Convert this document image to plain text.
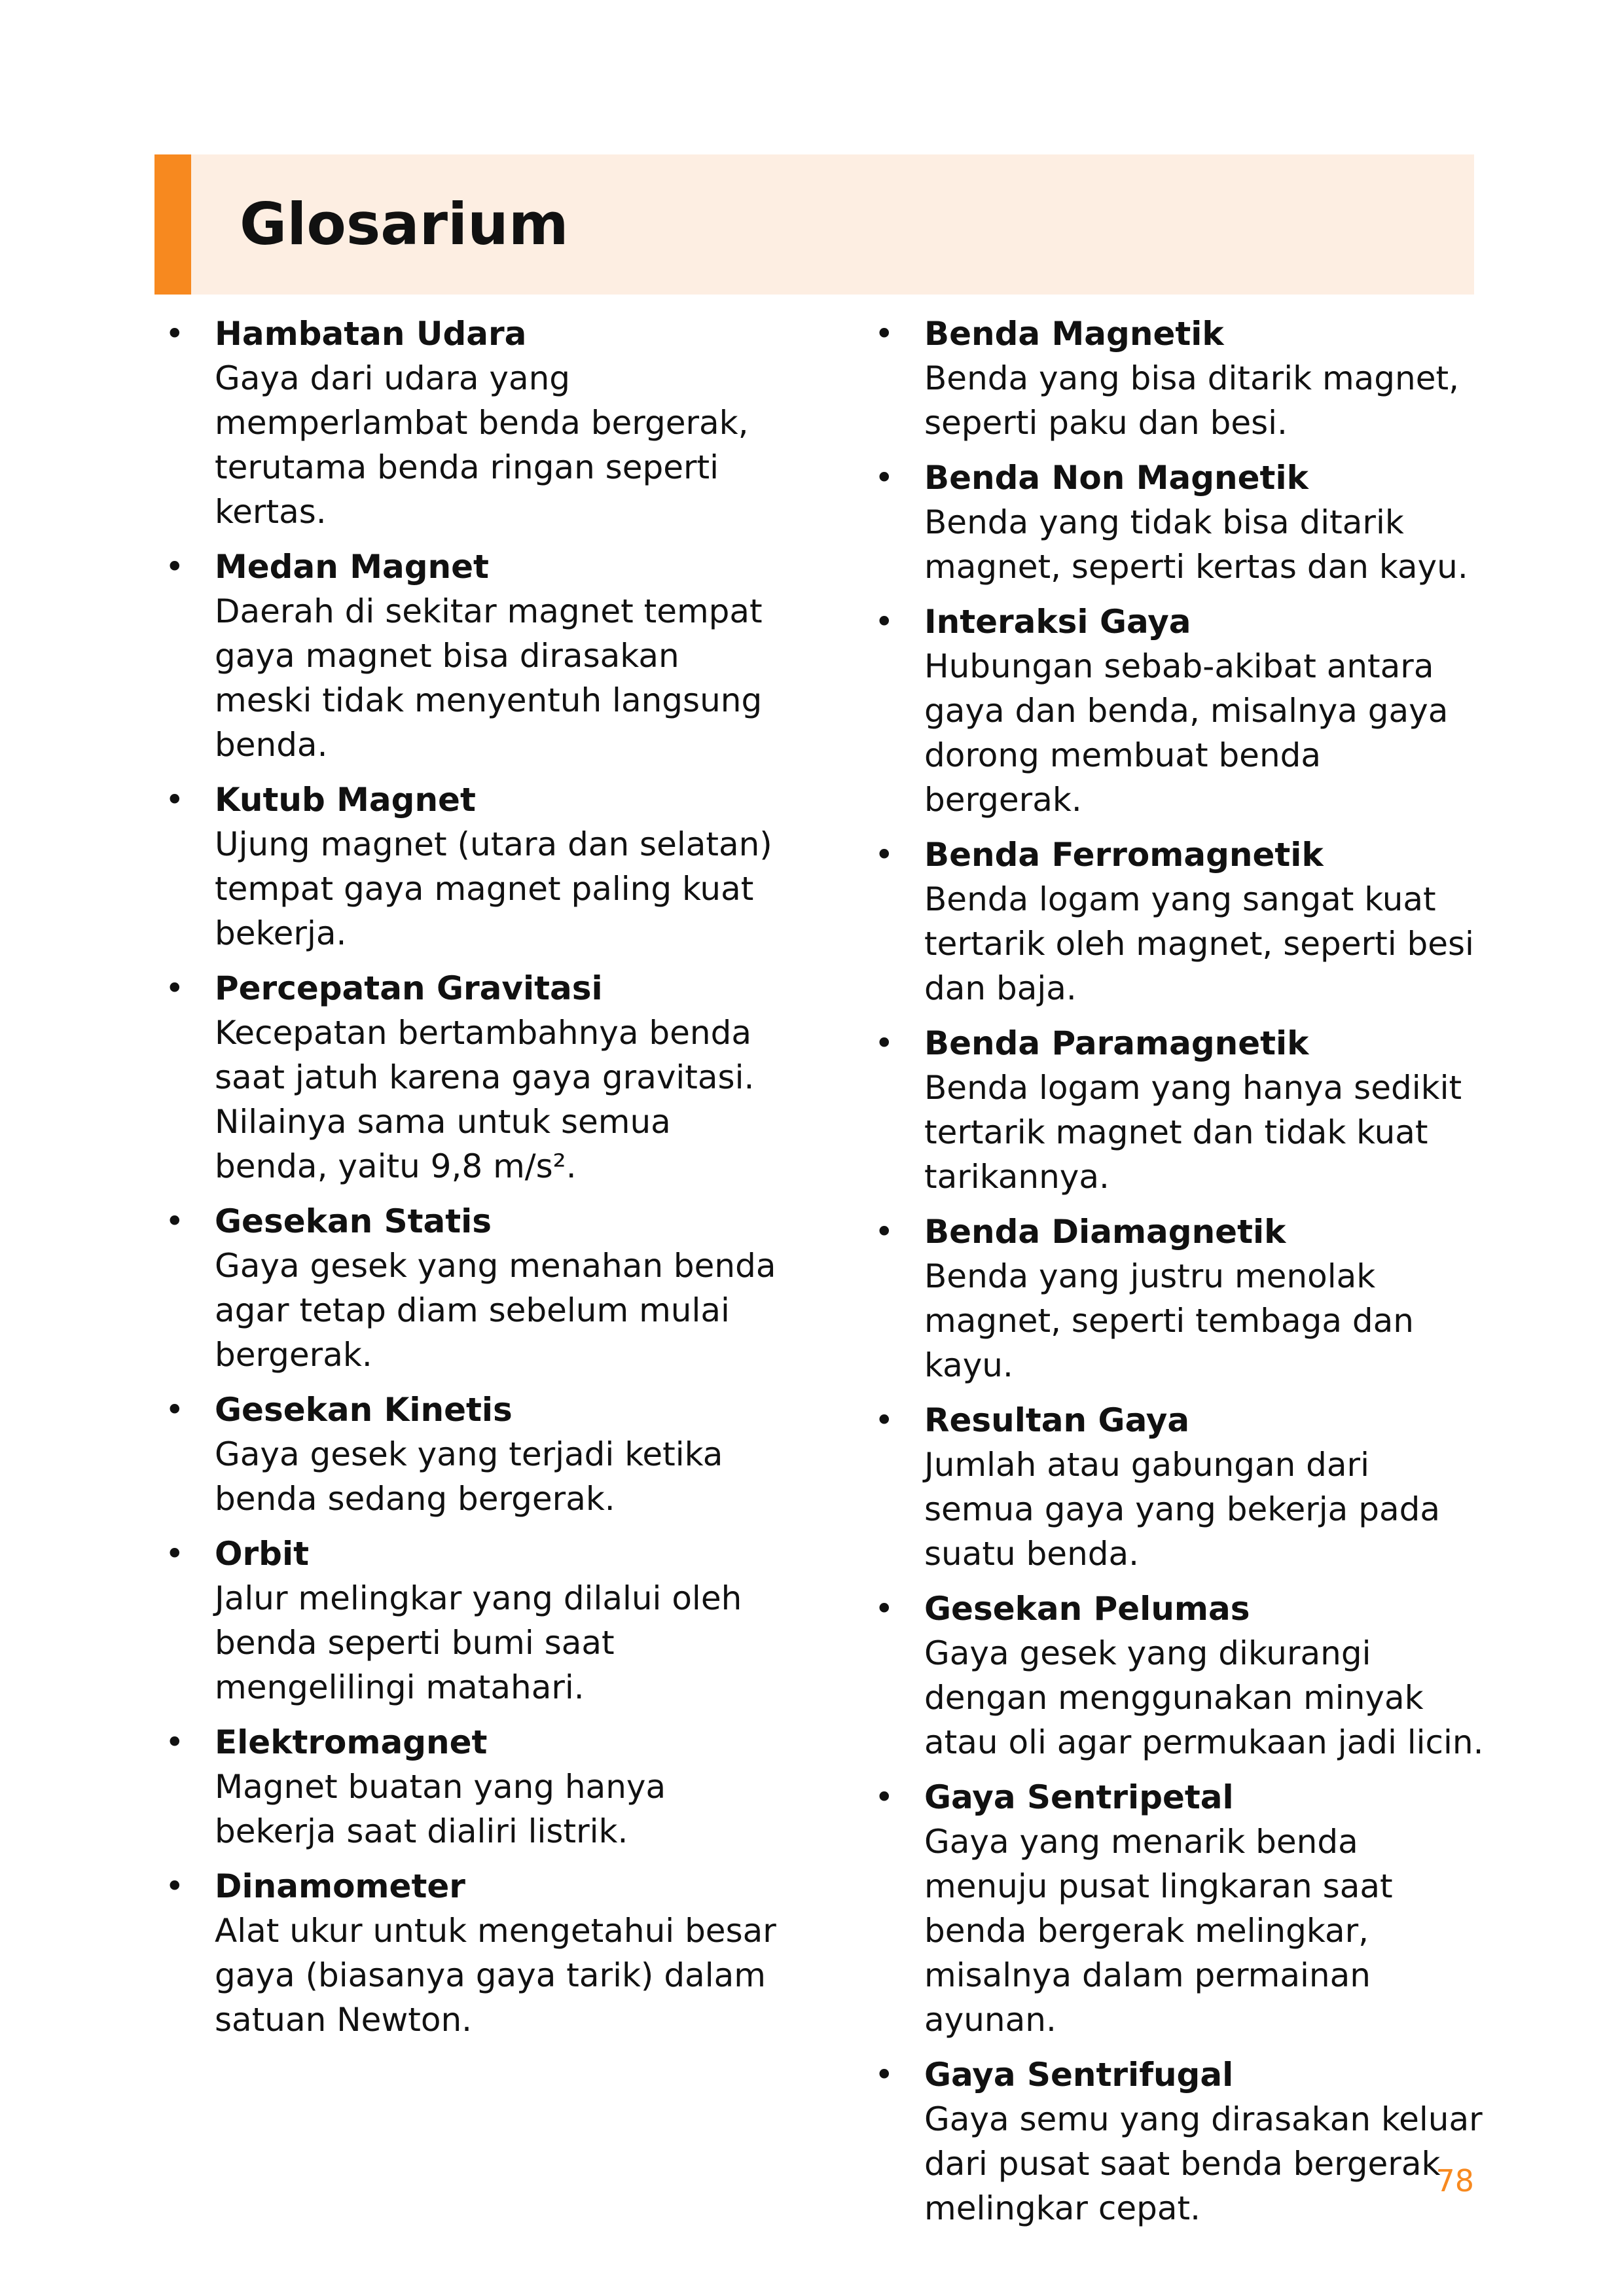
Glosarium
• Hambatan Udara
Gaya dari udara yang memperlambat benda bergerak, terutama benda ringan seperti kertas.
• Medan Magnet
Daerah di sekitar magnet tempat gaya magnet bisa dirasakan meski tidak menyentuh langsung benda.
• Kutub Magnet
Ujung magnet (utara dan selatan) tempat gaya magnet paling kuat bekerja.
• Percepatan Gravitasi
Kecepatan bertambahnya benda saat jatuh karena gaya gravitasi. Nilainya sama untuk semua benda, yaitu 9,8 m/s².
• Gesekan Statis
Gaya gesek yang menahan benda agar tetap diam sebelum mulai bergerak.
• Gesekan Kinetis
Gaya gesek yang terjadi ketika benda sedang bergerak.
• Orbit
Jalur melingkar yang dilalui oleh benda seperti bumi saat mengelilingi matahari.
• Elektromagnet
Magnet buatan yang hanya bekerja saat dialiri listrik.
• Dinamometer
Alat ukur untuk mengetahui besar gaya (biasanya gaya tarik) dalam satuan Newton.
• Benda Magnetik
Benda yang bisa ditarik magnet, seperti paku dan besi.
• Benda Non Magnetik
Benda yang tidak bisa ditarik magnet, seperti kertas dan kayu.
• Interaksi Gaya
Hubungan sebab-akibat antara gaya dan benda, misalnya gaya dorong membuat benda bergerak.
• Benda Ferromagnetik
Benda logam yang sangat kuat tertarik oleh magnet, seperti besi dan baja.
• Benda Paramagnetik
Benda logam yang hanya sedikit tertarik magnet dan tidak kuat tarikannya.
• Benda Diamagnetik
Benda yang justru menolak magnet, seperti tembaga dan kayu.
• Resultan Gaya
Jumlah atau gabungan dari semua gaya yang bekerja pada suatu benda.
• Gesekan Pelumas
Gaya gesek yang dikurangi dengan menggunakan minyak atau oli agar permukaan jadi licin.
• Gaya Sentripetal
Gaya yang menarik benda menuju pusat lingkaran saat benda bergerak melingkar, misalnya dalam permainan ayunan.
• Gaya Sentrifugal
Gaya semu yang dirasakan keluar dari pusat saat benda bergerak melingkar cepat.
78
